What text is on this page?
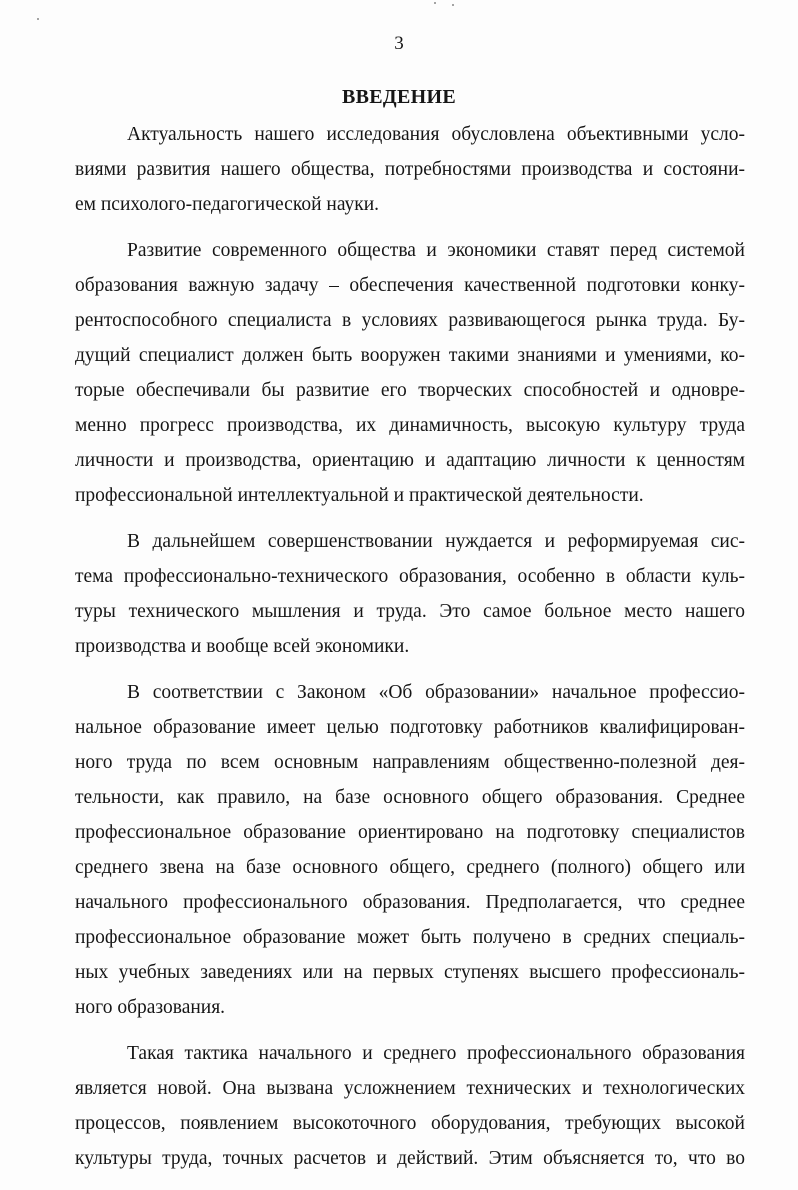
3
ВВЕДЕНИЕ
Актуальность нашего исследования обусловлена объективными усло-
виями развития нашего общества, потребностями производства и состояни-
ем психолого-педагогической науки.
Развитие современного общества и экономики ставят перед системой
образования важную задачу – обеспечения качественной подготовки конку-
рентоспособного специалиста в условиях развивающегося рынка труда. Бу-
дущий специалист должен быть вооружен такими знаниями и умениями, ко-
торые обеспечивали бы развитие его творческих способностей и одновре-
менно прогресс производства, их динамичность, высокую культуру труда
личности и производства, ориентацию и адаптацию личности к ценностям
профессиональной интеллектуальной и практической деятельности.
В дальнейшем совершенствовании нуждается и реформируемая сис-
тема профессионально-технического образования, особенно в области куль-
туры технического мышления и труда. Это самое больное место нашего
производства и вообще всей экономики.
В соответствии с Законом «Об образовании» начальное профессио-
нальное образование имеет целью подготовку работников квалифицирован-
ного труда по всем основным направлениям общественно-полезной дея-
тельности, как правило, на базе основного общего образования. Среднее
профессиональное образование ориентировано на подготовку специалистов
среднего звена на базе основного общего, среднего (полного) общего или
начального профессионального образования. Предполагается, что среднее
профессиональное образование может быть получено в средних специаль-
ных учебных заведениях или на первых ступенях высшего профессиональ-
ного образования.
Такая тактика начального и среднего профессионального образования
является новой. Она вызвана усложнением технических и технологических
процессов, появлением высокоточного оборудования, требующих высокой
культуры труда, точных расчетов и действий. Этим объясняется то, что во
